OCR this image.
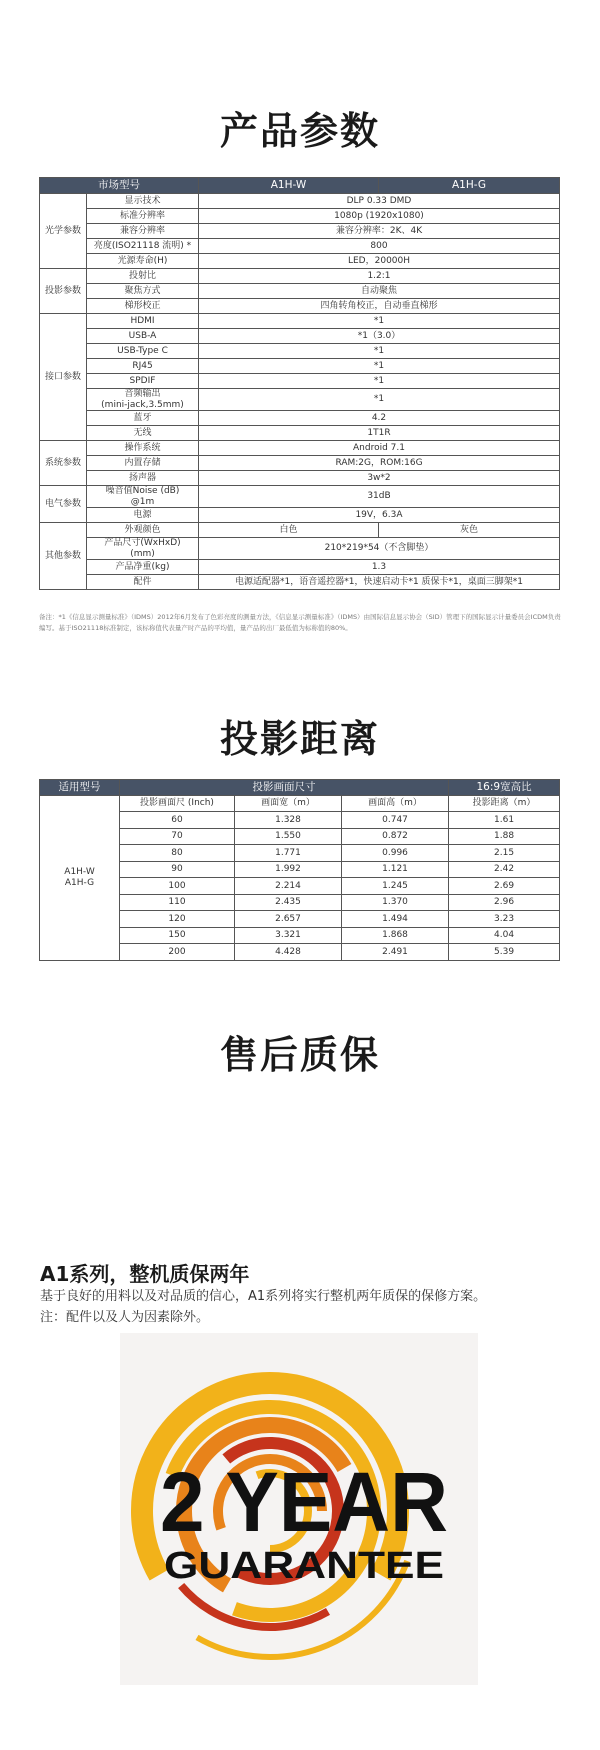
产品参数
市场型号		A1H-W	A1H-G
光学参数	显示技术	DLP 0.33 DMD	
	标准分辨率	1080p (1920x1080)	
	兼容分辨率	兼容分辨率：2K、4K	
	亮度(ISO21118 流明) *	800	
	光源寿命(H)	LED，20000H	
投影参数	投射比	1.2:1	
	聚焦方式	自动聚焦	
	梯形校正	四角转角校正，自动垂直梯形	
接口参数	HDMI	*1	
	USB-A	*1（3.0）	
	USB-Type C	*1	
	RJ45	*1	
	SPDIF	*1	
	音频输出
(mini-jack,3.5mm)	*1	
	蓝牙	4.2	
	无线	1T1R	
系统参数	操作系统	Android 7.1	
	内置存储	RAM:2G，ROM:16G	
	扬声器	3w*2	
电气参数	噪音值Noise (dB)
@1m	31dB	
	电源	19V，6.3A	
其他参数	外观颜色	白色	灰色
	产品尺寸(WxHxD)
(mm)	210*219*54（不含脚垫）	
	产品净重(kg)	1.3	
	配件	电源适配器*1，语音遥控器*1，快速启动卡*1 质保卡*1，桌面三脚架*1	
备注：*1《信息显示测量标准》（IDMS）2012年6月发布了色彩亮度的测量方法，《信息显示测量标准》（IDMS）由国际信息显示协会（SID）管理下的国际显示计量委员会ICDM负责编写。基于ISO21118标准制定，该标称值代表量产时产品的平均值，量产品的出厂最低值为标称值的80%。
投影距离
适用型号	投影画面尺寸			16:9宽高比
A1H-W
A1H-G	投影画面尺 (Inch)	画面宽（m）	画面高（m）	投影距离（m）
	60	1.328	0.747	1.61
	70	1.550	0.872	1.88
	80	1.771	0.996	2.15
	90	1.992	1.121	2.42
	100	2.214	1.245	2.69
	110	2.435	1.370	2.96
	120	2.657	1.494	3.23
	150	3.321	1.868	4.04
	200	4.428	2.491	5.39
售后质保
A1系列，整机质保两年
基于良好的用料以及对品质的信心，A1系列将实行整机两年质保的保修方案。
注：配件以及人为因素除外。
2 YEAR
GUARANTEE
